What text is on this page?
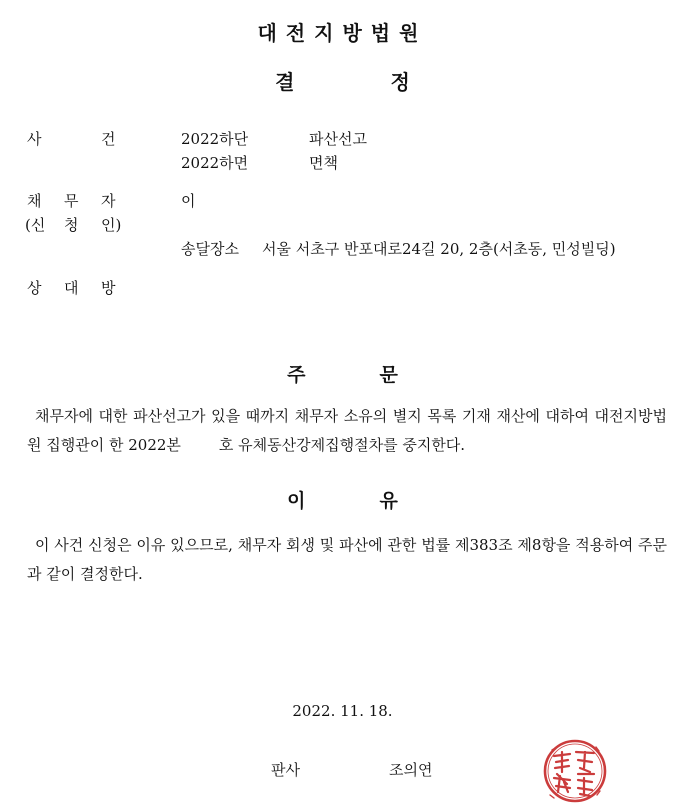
대전지방법원
결	정
사	건	2022하단	파산선고
2022하면	면책
채 무 자	이
(신 청 인)
송달장소 서울 서초구 반포대로24길 20, 2층(서초동, 민성빌딩)
상 대 방
주	문
채무자에 대한 파산선고가 있을 때까지 채무자 소유의 별지 목록 기재 재산에 대하여 대전지방법원 집행관이 한 2022본	호 유체동산강제집행절차를 중지한다.
이	유
이 사건 신청은 이유 있으므로, 채무자 회생 및 파산에 관한 법률 제383조 제8항을 적용하여 주문과 같이 결정한다.
2022. 11. 18.
판사	조의연
